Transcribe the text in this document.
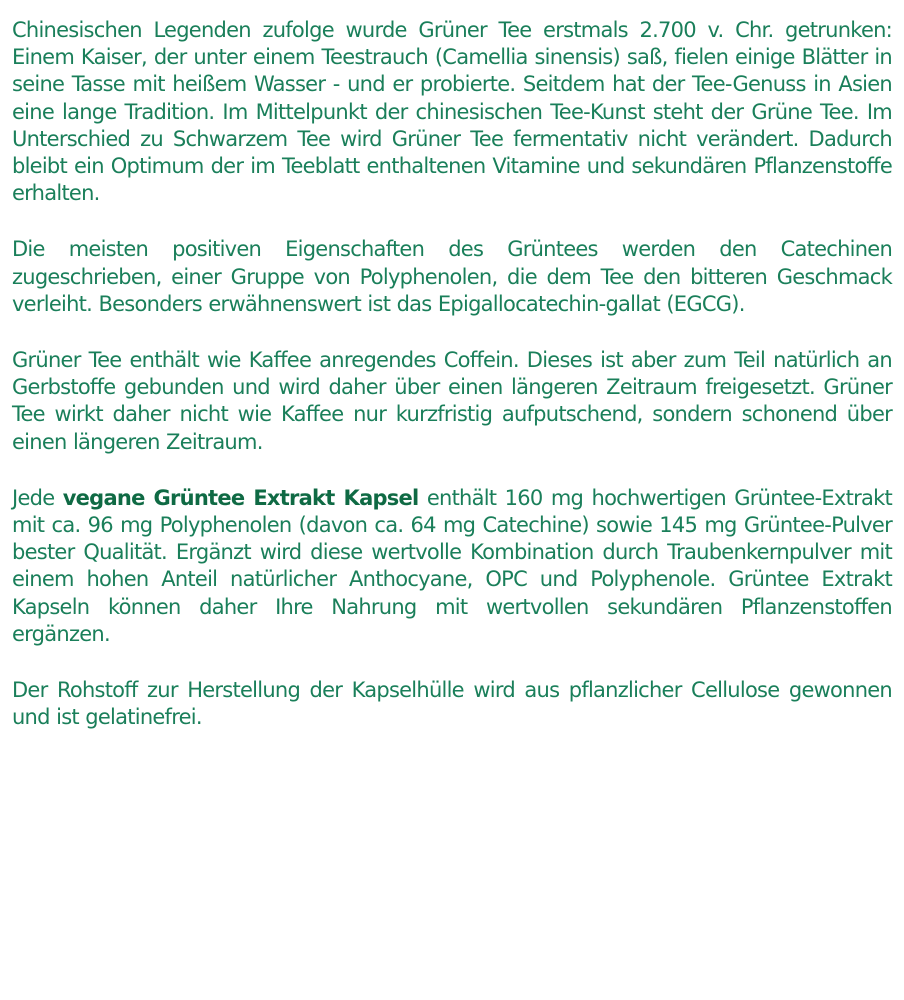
Chinesischen Legenden zufolge wurde Grüner Tee erstmals 2.700 v. Chr. getrunken: Einem Kaiser, der unter einem Teestrauch (Camellia sinensis) saß, fielen einige Blätter in seine Tasse mit heißem Wasser - und er probierte. Seitdem hat der Tee-Genuss in Asien eine lange Tradition. Im Mittelpunkt der chinesischen Tee-Kunst steht der Grüne Tee. Im Unterschied zu Schwarzem Tee wird Grüner Tee fermentativ nicht verändert. Dadurch bleibt ein Optimum der im Teeblatt enthaltenen Vitamine und sekundären Pflanzenstoffe erhalten.

Die meisten positiven Eigenschaften des Grüntees werden den Catechinen zugeschrieben, einer Gruppe von Polyphenolen, die dem Tee den bitteren Geschmack verleiht. Besonders erwähnenswert ist das Epigallocatechin-gallat (EGCG).

Grüner Tee enthält wie Kaffee anregendes Coffein. Dieses ist aber zum Teil natürlich an Gerbstoffe gebunden und wird daher über einen längeren Zeitraum freigesetzt. Grüner Tee wirkt daher nicht wie Kaffee nur kurzfristig aufputschend, sondern schonend über einen längeren Zeitraum.

Jede vegane Grüntee Extrakt Kapsel enthält 160 mg hochwertigen Grüntee-Extrakt mit ca. 96 mg Polyphenolen (davon ca. 64 mg Catechine) sowie 145 mg Grüntee-Pulver bester Qualität. Ergänzt wird diese wertvolle Kombination durch Traubenkernpulver mit einem hohen Anteil natürlicher Anthocyane, OPC und Polyphenole. Grüntee Extrakt Kapseln können daher Ihre Nahrung mit wertvollen sekundären Pflanzenstoffen ergänzen.

Der Rohstoff zur Herstellung der Kapselhülle wird aus pflanzlicher Cellulose gewonnen und ist gelatinefrei.
